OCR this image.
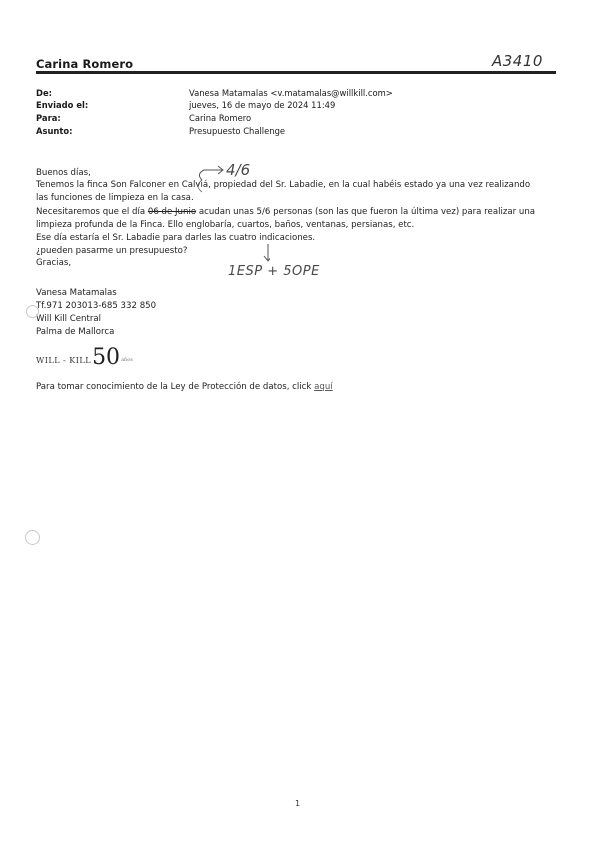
Carina Romero	A3410
De:	Vanesa Matamalas <v.matamalas@willkill.com>
Enviado el:	jueves, 16 de mayo de 2024 11:49
Para:	Carina Romero
Asunto:	Presupuesto Challenge
Buenos días,
Tenemos la finca Son Falconer en Calviá, propiedad del Sr. Labadie, en la cual habéis estado ya una vez realizando
las funciones de limpieza en la casa.
Necesitaremos que el día 06 de Junio acudan unas 5/6 personas (son las que fueron la última vez) para realizar una
limpieza profunda de la Finca. Ello englobaría, cuartos, baños, ventanas, persianas, etc.
Ese día estaría el Sr. Labadie para darles las cuatro indicaciones.
¿pueden pasarme un presupuesto?
Gracias,
4/6
1ESP + 5OPE
Vanesa Matamalas
Tf.971 203013-685 332 850
Will Kill Central
Palma de Mallorca
WILL - KILL 50 años
Para tomar conocimiento de la Ley de Protección de datos, click aquí
1
